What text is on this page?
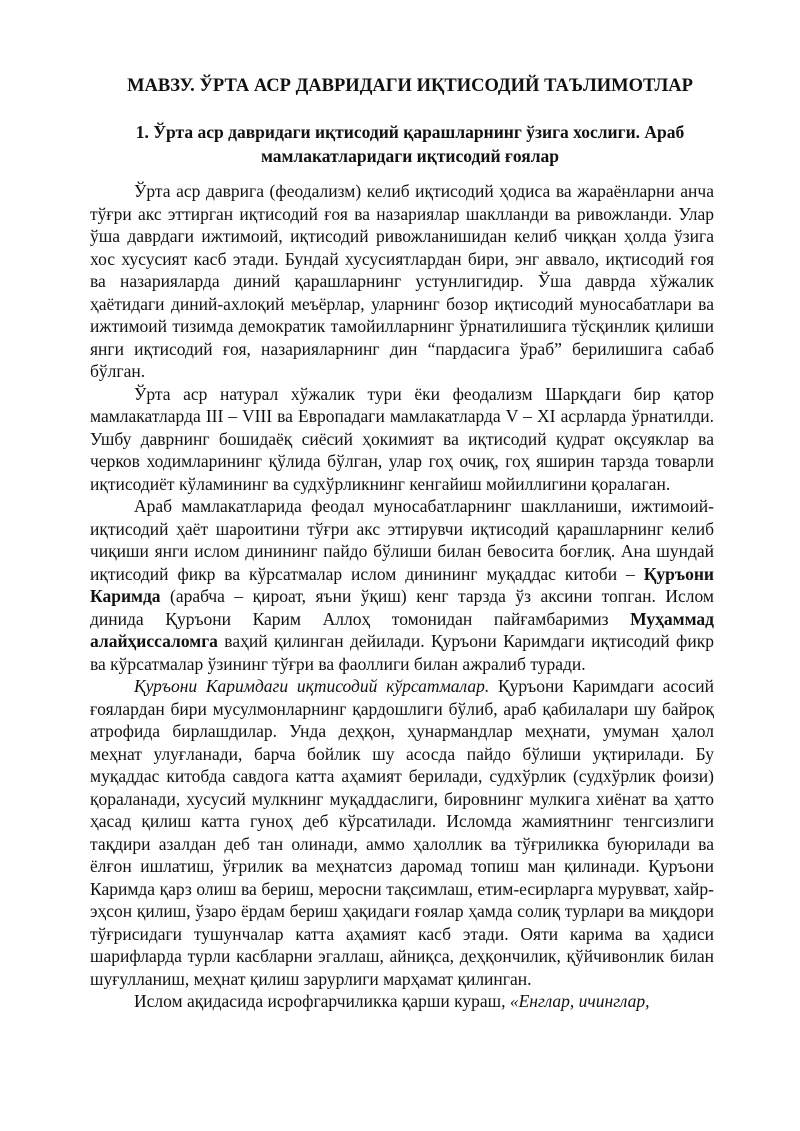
МАВЗУ. ЎРТА АСР ДАВРИДАГИ ИҚТИСОДИЙ ТАЪЛИМОТЛАР
1. Ўрта аср давридаги иқтисодий қарашларнинг ўзига хослиги. Араб
мамлакатларидаги иқтисодий ғоялар

Ўрта аср даврига (феодализм) келиб иқтисодий ҳодиса ва жараёнларни анча тўғри акс эттирган иқтисодий ғоя ва назариялар шаклланди ва ривожланди. Улар ўша даврдаги ижтимоий, иқтисодий ривожланишидан келиб чиққан ҳолда ўзига хос хусусият касб этади. Бундай хусусиятлардан бири, энг аввало, иқтисодий ғоя ва назарияларда диний қарашларнинг устунлигидир. Ўша даврда хўжалик ҳаётидаги диний-ахлоқий меъёрлар, уларнинг бозор иқтисодий муносабатлари ва ижтимоий тизимда демократик тамойилларнинг ўрнатилишига тўсқинлик қилиши янги иқтисодий ғоя, назарияларнинг дин “пардасига ўраб” берилишига сабаб бўлган.

Ўрта аср натурал хўжалик тури ёки феодализм Шарқдаги бир қатор мамлакатларда III – VIII ва Европадаги мамлакатларда V – XI асрларда ўрнатилди. Ушбу даврнинг бошидаёқ сиёсий ҳокимият ва иқтисодий қудрат оқсуяклар ва черков ходимларининг қўлида бўлган, улар гоҳ очиқ, гоҳ яширин тарзда товарли иқтисодиёт кўламининг ва судхўрликнинг кенгайиш мойиллигини қоралаган.

Араб мамлакатларида феодал муносабатларнинг шаклланиши, ижтимоий-иқтисодий ҳаёт шароитини тўғри акс эттирувчи иқтисодий қарашларнинг келиб чиқиши янги ислом динининг пайдо бўлиши билан бевосита боғлиқ. Ана шундай иқтисодий фикр ва кўрсатмалар ислом динининг муқаддас китоби – Қуръони Каримда (арабча – қироат, яъни ўқиш) кенг тарзда ўз аксини топган. Ислом динида Қуръони Карим Аллоҳ томонидан пайғамбаримиз Муҳаммад алайҳиссаломга ваҳий қилинган дейилади. Қуръони Каримдаги иқтисодий фикр ва кўрсатмалар ўзининг тўғри ва фаоллиги билан ажралиб туради.

Қуръони Каримдаги иқтисодий кўрсатмалар. Қуръони Каримдаги асосий ғоялардан бири мусулмонларнинг қардошлиги бўлиб, араб қабилалари шу байроқ атрофида бирлашдилар. Унда деҳқон, ҳунармандлар меҳнати, умуман ҳалол меҳнат улуғланади, барча бойлик шу асосда пайдо бўлиши уқтирилади. Бу муқаддас китобда савдога катта аҳамият берилади, судхўрлик (судхўрлик фоизи) қораланади, хусусий мулкнинг муқаддаслиги, бировнинг мулкига хиёнат ва ҳатто ҳасад қилиш катта гуноҳ деб кўрсатилади. Исломда жамиятнинг тенгсизлиги тақдири азалдан деб тан олинади, аммо ҳалоллик ва тўғриликка буюрилади ва ёлғон ишлатиш, ўғрилик ва меҳнатсиз даромад топиш ман қилинади. Қуръони Каримда қарз олиш ва бериш, меросни тақсимлаш, етим-есирларга мурувват, хайр-эҳсон қилиш, ўзаро ёрдам бериш ҳақидаги ғоялар ҳамда солиқ турлари ва миқдори тўғрисидаги тушунчалар катта аҳамият касб этади. Ояти карима ва ҳадиси шарифларда турли касбларни эгаллаш, айниқса, деҳқончилик, қўйчивонлик билан шуғулланиш, меҳнат қилиш зарурлиги марҳамат қилинган.

Ислом ақидасида исрофгарчиликка қарши кураш, «Енглар, ичинглар,
